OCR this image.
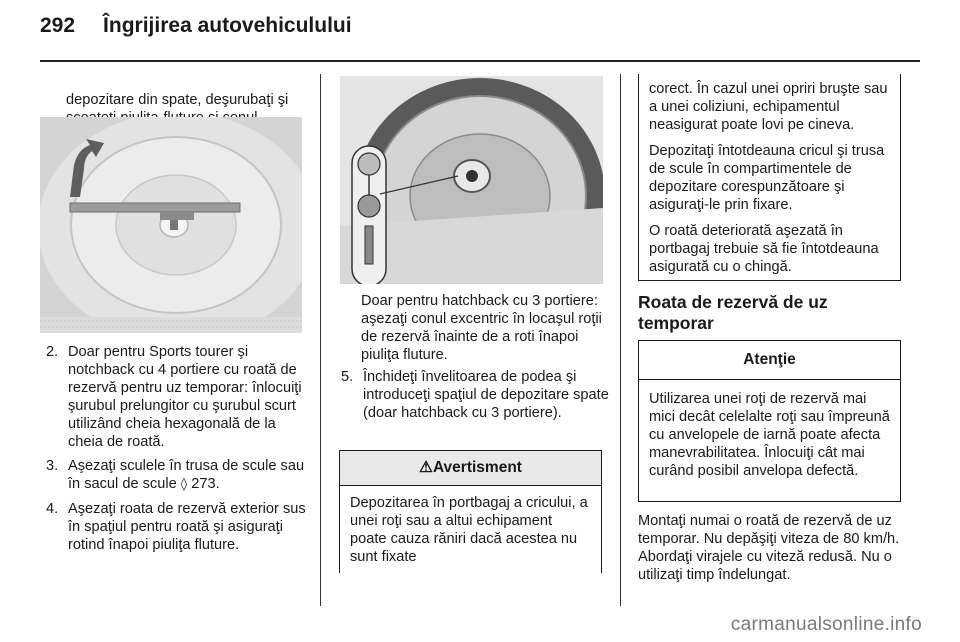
292 Îngrijirea autovehiculului

depozitare din spate, deşurubaţi şi

2. Doar pentru Sports tourer şi notchback cu 4 portiere cu roată de rezervă pentru uz temporar: înlocuiţi şurubul prelungitor cu şurubul scurt utilizând cheia hexagonală de la cheia de roată.
3. Aşezaţi sculele în trusa de scule sau în sacul de scule ◊ 273.
4. Aşezaţi roata de rezervă exterior sus în spaţiul pentru roată şi asiguraţi rotind înapoi piuliţa fluture.

Doar pentru hatchback cu 3 portiere: aşezaţi conul excentric în locaşul roţii de rezervă înainte de a roti înapoi piuliţa fluture.

5. Închideţi învelitoarea de podea şi introduceţi spaţiul de depozitare spate (doar hatchback cu 3 portiere).
⚠Avertisment
Depozitarea în portbagaj a cricului, a unei roţi sau a altui echipament poate cauza răniri dacă acestea nu sunt fixate

corect. În cazul unei opriri bruşte sau a unei coliziuni, echipamentul neasigurat poate lovi pe cineva.

Depozitaţi întotdeauna cricul şi trusa de scule în compartimentele de depozitare corespunzătoare şi asiguraţi-le prin fixare.

O roată deteriorată aşezată în portbagaj trebuie să fie întotdeauna asigurată cu o chingă.

Roata de rezervă de uz temporar
Atenţie
Utilizarea unei roţi de rezervă mai mici decât celelalte roţi sau împreună cu anvelopele de iarnă poate afecta manevrabilitatea. Înlocuiţi cât mai curând posibil anvelopa defectă.

Montaţi numai o roată de rezervă de uz temporar. Nu depăşiţi viteza de 80 km/h. Abordaţi virajele cu viteză redusă. Nu o utilizaţi timp îndelungat.

carmanualsonline.info
